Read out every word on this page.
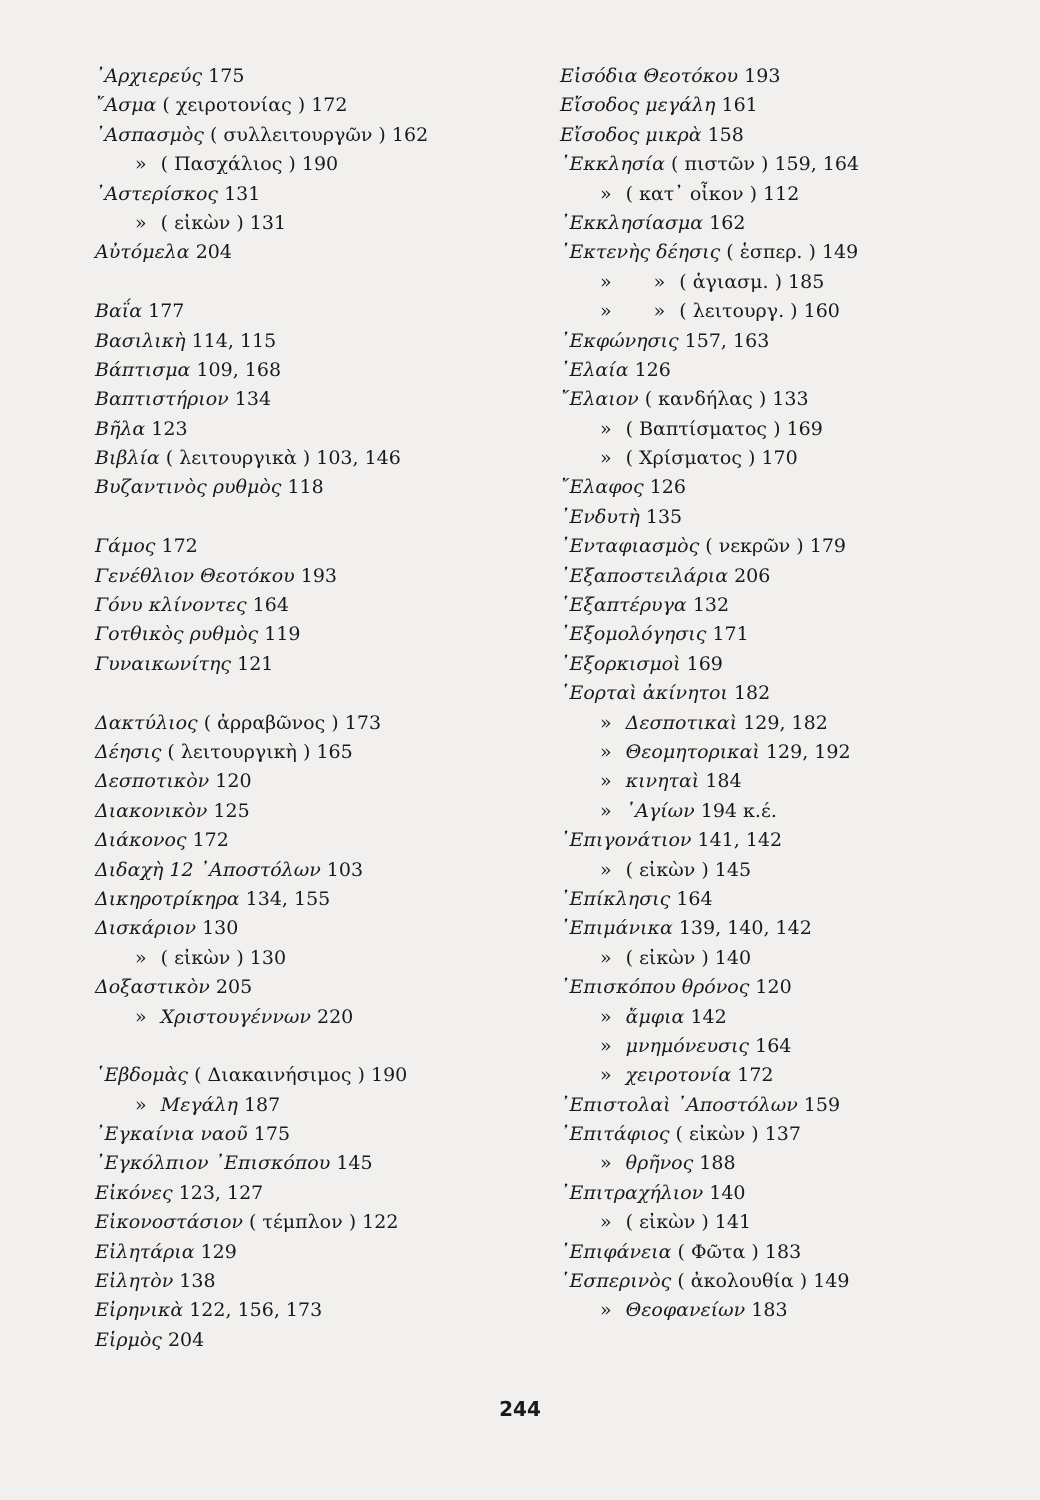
᾽Αρχιερεύς 175
῎Ασμα ( χειροτονίας ) 172
᾽Ασπασμὸς ( συλλειτουργῶν ) 162
» ( Πασχάλιος ) 190
᾽Αστερίσκος 131
» ( εἰκὼν ) 131
Αὐτόμελα 204
Βαΐα 177
Βασιλικὴ 114, 115
Βάπτισμα 109, 168
Βαπτιστήριον 134
Βῆλα 123
Βιβλία ( λειτουργικὰ ) 103, 146
Βυζαντινὸς ρυθμὸς 118
Γάμος 172
Γενέθλιον Θεοτόκου 193
Γόνυ κλίνοντες 164
Γοτθικὸς ρυθμὸς 119
Γυναικωνίτης 121
Δακτύλιος ( ἀρραβῶνος ) 173
Δέησις ( λειτουργικὴ ) 165
Δεσποτικὸν 120
Διακονικὸν 125
Διάκονος 172
Διδαχὴ 12 ᾽Αποστόλων 103
Δικηροτρίκηρα 134, 155
Δισκάριον 130
» ( εἰκὼν ) 130
Δοξαστικὸν 205
» Χριστουγέννων 220
῾Εβδομὰς ( Διακαινήσιμος ) 190
» Μεγάλη 187
᾽Εγκαίνια ναοῦ 175
᾽Εγκόλπιον ᾽Επισκόπου 145
Εἰκόνες 123, 127
Εἰκονοστάσιον ( τέμπλον ) 122
Εἰλητάρια 129
Εἰλητὸν 138
Εἰρηνικὰ 122, 156, 173
Εἱρμὸς 204
Εἰσόδια Θεοτόκου 193
Εἴσοδος μεγάλη 161
Εἴσοδος μικρὰ 158
᾽Εκκλησία ( πιστῶν ) 159, 164
» ( κατ᾽ οἶκον ) 112
᾽Εκκλησίασμα 162
᾽Εκτενὴς δέησις ( ἑσπερ. ) 149
» » ( ἁγιασμ. ) 185
» » ( λειτουργ. ) 160
᾽Εκφώνησις 157, 163
᾽Ελαία 126
῎Ελαιον ( κανδήλας ) 133
» ( Βαπτίσματος ) 169
» ( Χρίσματος ) 170
῎Ελαφος 126
᾽Ενδυτὴ 135
᾽Ενταφιασμὸς ( νεκρῶν ) 179
᾽Εξαποστειλάρια 206
῾Εξαπτέρυγα 132
᾽Εξομολόγησις 171
᾽Εξορκισμοὶ 169
῾Εορταὶ ἀκίνητοι 182
» Δεσποτικαὶ 129, 182
» Θεομητορικαὶ 129, 192
» κινηταὶ 184
» ῾Αγίων 194 κ.έ.
᾽Επιγονάτιον 141, 142
» ( εἰκὼν ) 145
᾽Επίκλησις 164
᾽Επιμάνικα 139, 140, 142
» ( εἰκὼν ) 140
᾽Επισκόπου θρόνος 120
» ἄμφια 142
» μνημόνευσις 164
» χειροτονία 172
᾽Επιστολαὶ ᾽Αποστόλων 159
᾽Επιτάφιος ( εἰκὼν ) 137
» θρῆνος 188
᾽Επιτραχήλιον 140
» ( εἰκὼν ) 141
᾽Επιφάνεια ( Φῶτα ) 183
῾Εσπερινὸς ( ἀκολουθία ) 149
» Θεοφανείων 183
244
